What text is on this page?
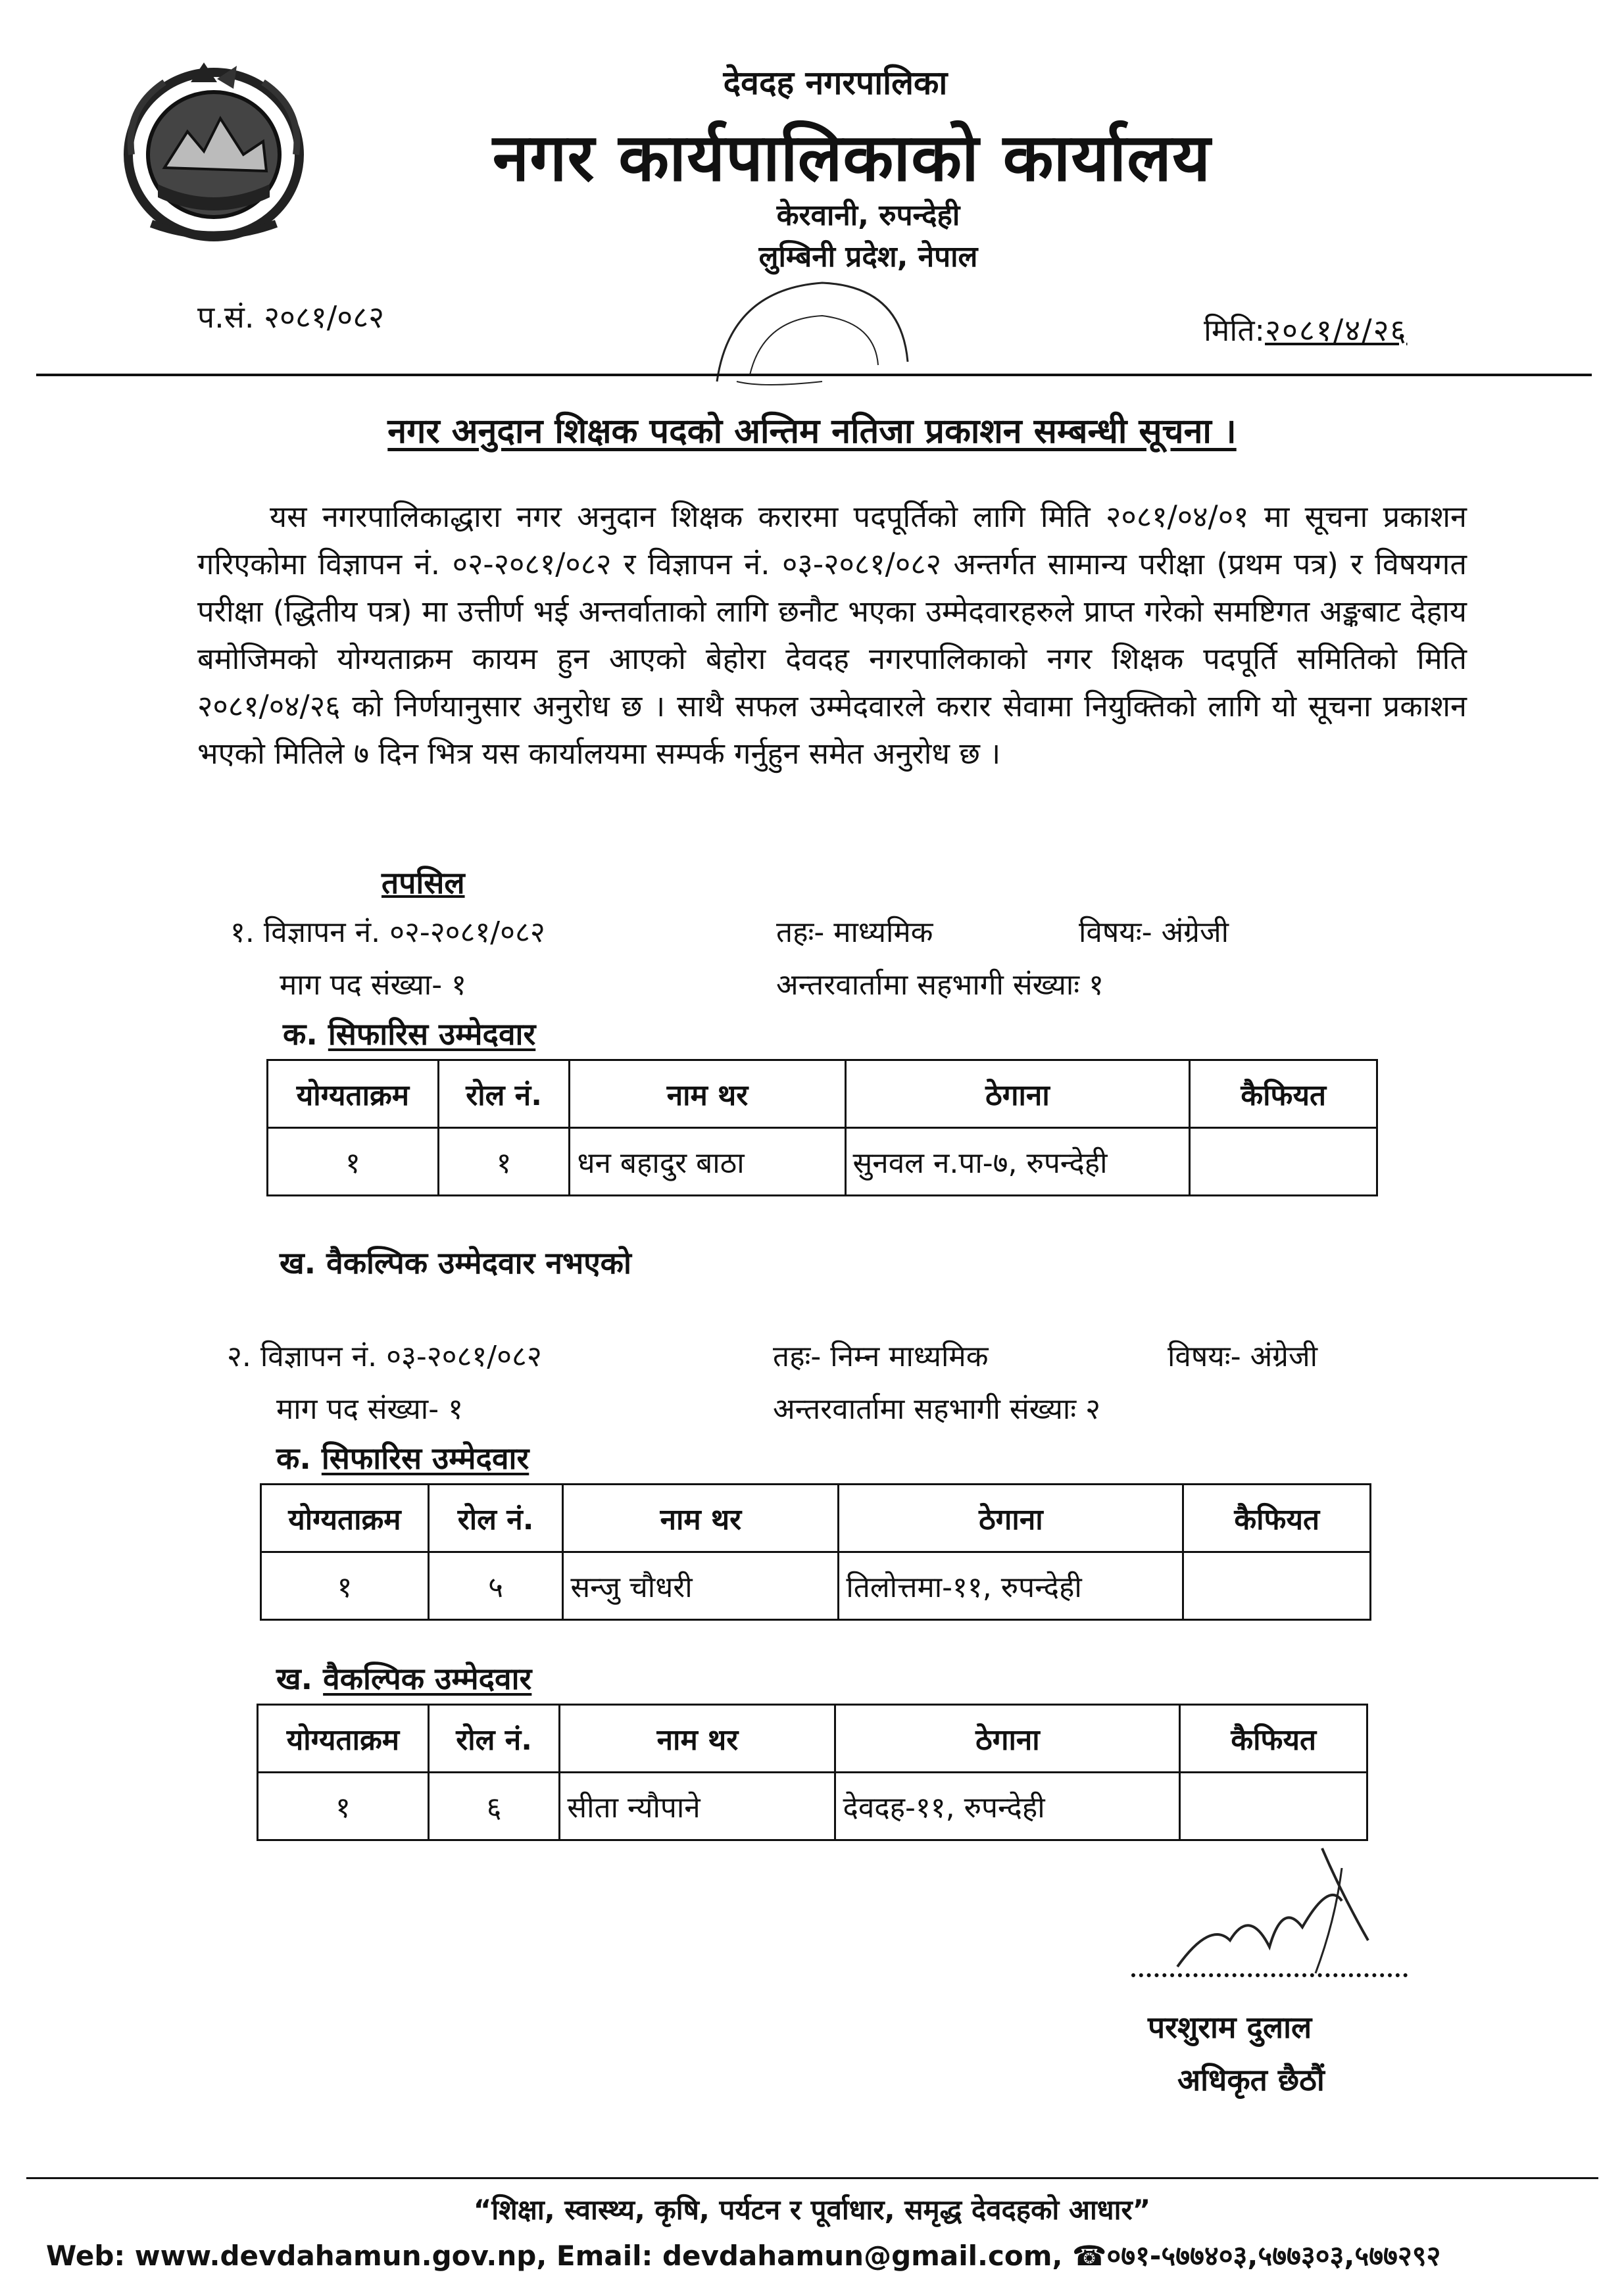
देवदह नगरपालिका
नगर कार्यपालिकाको कार्यालय
केरवानी, रुपन्देही
लुम्बिनी प्रदेश, नेपाल
प.सं. २०८१/०८२	मिति:२०८१/४/२६
नगर अनुदान शिक्षक पदको अन्तिम नतिजा प्रकाशन सम्बन्धी सूचना ।

यस नगरपालिकाद्धारा नगर अनुदान शिक्षक करारमा पदपूर्तिको लागि मिति २०८१/०४/०१ मा सूचना प्रकाशन गरिएकोमा विज्ञापन नं. ०२-२०८१/०८२ र विज्ञापन नं. ०३-२०८१/०८२ अन्तर्गत सामान्य परीक्षा (प्रथम पत्र) र विषयगत परीक्षा (द्धितीय पत्र) मा उत्तीर्ण भई अन्तर्वाताको लागि छनौट भएका उम्मेदवारहरुले प्राप्त गरेको समष्टिगत अङ्कबाट देहाय बमोजिमको योग्यताक्रम कायम हुन आएको बेहोरा देवदह नगरपालिकाको नगर शिक्षक पदपूर्ति समितिको मिति २०८१/०४/२६ को निर्णयानुसार अनुरोध छ । साथै सफल उम्मेदवारले करार सेवामा नियुक्तिको लागि यो सूचना प्रकाशन भएको मितिले ७ दिन भित्र यस कार्यालयमा सम्पर्क गर्नुहुन समेत अनुरोध छ ।

तपसिल
१. विज्ञापन नं. ०२-२०८१/०८२	तहः- माध्यमिक	विषयः- अंग्रेजी
माग पद संख्या- १	अन्तरवार्तामा सहभागी संख्याः १
क. सिफारिस उम्मेदवार
योग्यताक्रम	रोल नं.	नाम थर	ठेगाना	कैफियत
१	१	धन बहादुर बाठा	सुनवल न.पा-७, रुपन्देही	
ख. वैकल्पिक उम्मेदवार नभएको
२. विज्ञापन नं. ०३-२०८१/०८२	तहः- निम्न माध्यमिक	विषयः- अंग्रेजी
माग पद संख्या- १	अन्तरवार्तामा सहभागी संख्याः २
क. सिफारिस उम्मेदवार
योग्यताक्रम	रोल नं.	नाम थर	ठेगाना	कैफियत
१	५	सन्जु चौधरी	तिलोत्तमा-११, रुपन्देही	
ख. वैकल्पिक उम्मेदवार
योग्यताक्रम	रोल नं.	नाम थर	ठेगाना	कैफियत
१	६	सीता न्यौपाने	देवदह-११, रुपन्देही	
परशुराम दुलाल
अधिकृत छैठौं
“शिक्षा, स्वास्थ्य, कृषि, पर्यटन र पूर्वाधार, समृद्ध देवदहको आधार”
Web: www.devdahamun.gov.np, Email: devdahamun@gmail.com, ☎०७१-५७७४०३,५७७३०३,५७७२९२
